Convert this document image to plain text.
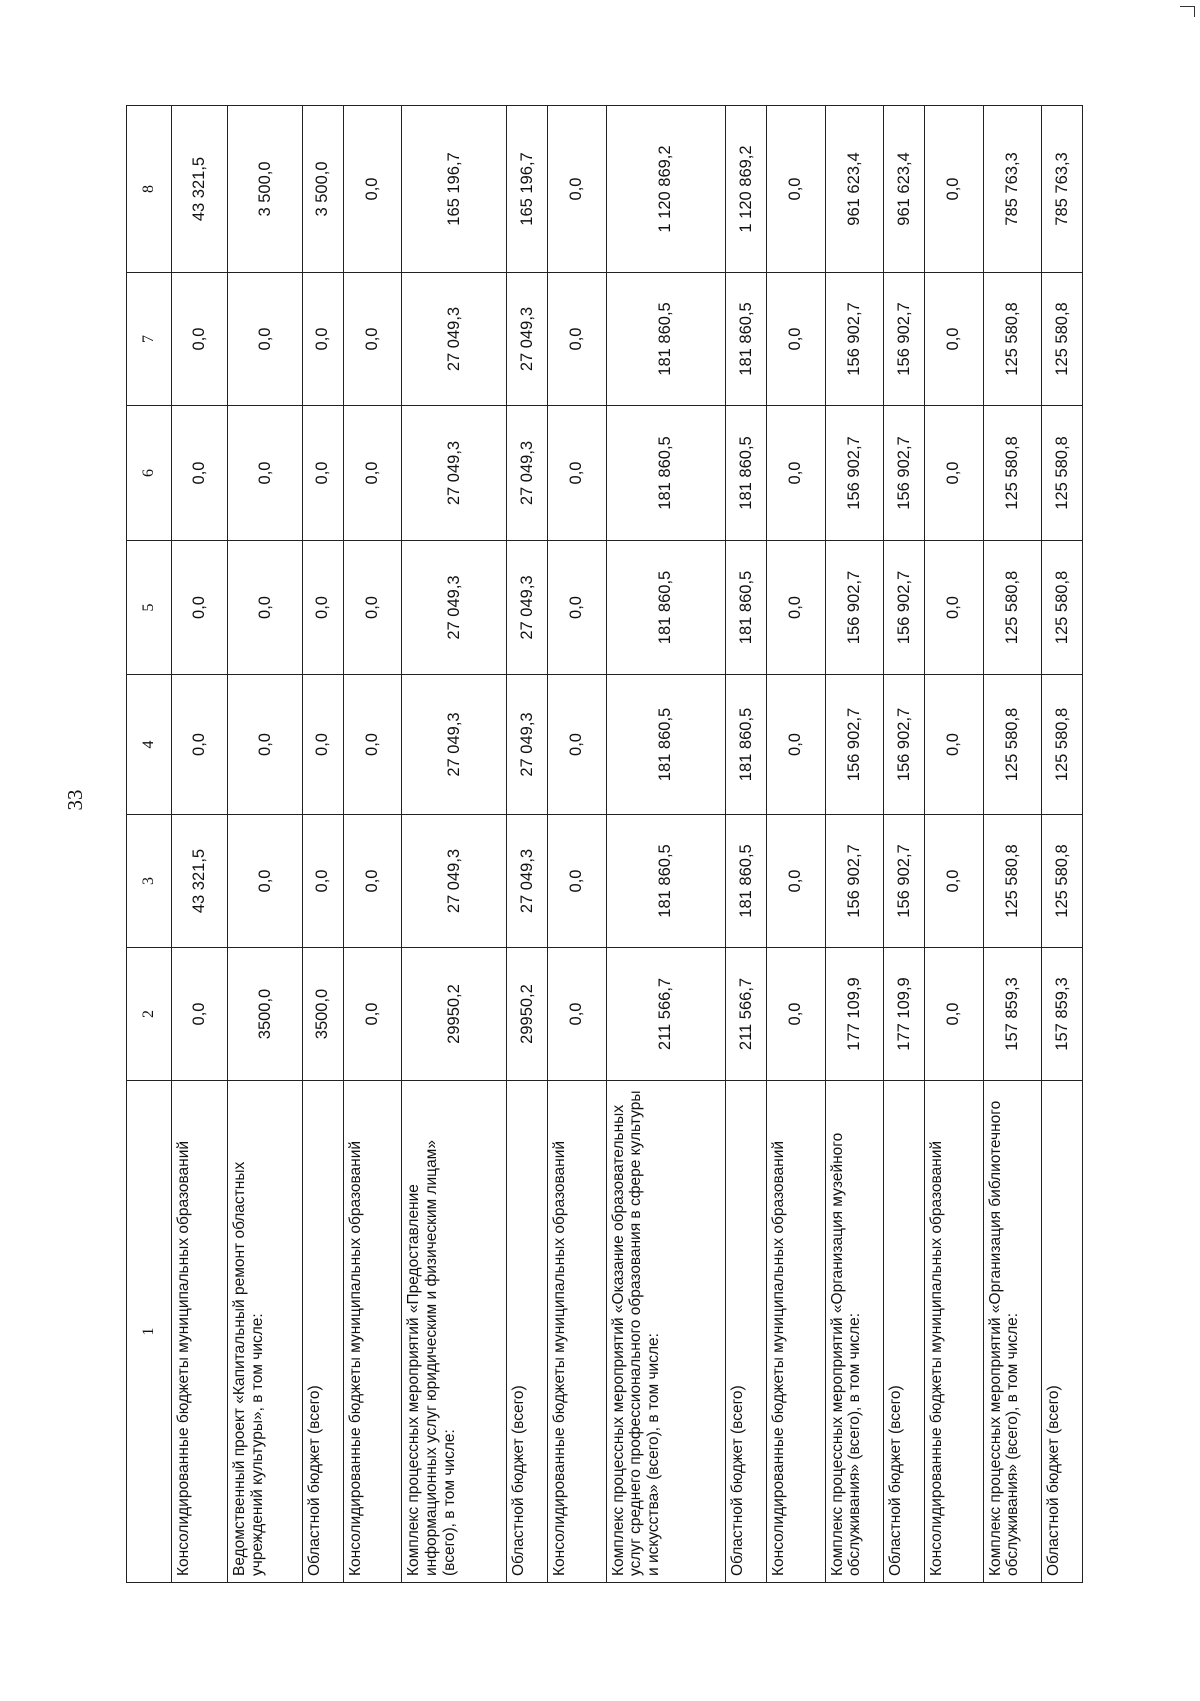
33
1	2	3	4	5	6	7	8
Консолидированные бюджеты муниципальных образований	0,0	43 321,5	0,0	0,0	0,0	0,0	43 321,5
Ведомственный проект «Капитальный ремонт областных учреждений культуры», в том числе:	3500,0	0,0	0,0	0,0	0,0	0,0	3 500,0
Областной бюджет (всего)	3500,0	0,0	0,0	0,0	0,0	0,0	3 500,0
Консолидированные бюджеты муниципальных образований	0,0	0,0	0,0	0,0	0,0	0,0	0,0
Комплекс процессных мероприятий «Предоставление информационных услуг юридическим и физическим лицам» (всего), в том числе:	29950,2	27 049,3	27 049,3	27 049,3	27 049,3	27 049,3	165 196,7
Областной бюджет (всего)	29950,2	27 049,3	27 049,3	27 049,3	27 049,3	27 049,3	165 196,7
Консолидированные бюджеты муниципальных образований	0,0	0,0	0,0	0,0	0,0	0,0	0,0
Комплекс процессных мероприятий «Оказание образовательных услуг среднего профессионального образования в сфере культуры и искусства» (всего), в том числе:	211 566,7	181 860,5	181 860,5	181 860,5	181 860,5	181 860,5	1 120 869,2
Областной бюджет (всего)	211 566,7	181 860,5	181 860,5	181 860,5	181 860,5	181 860,5	1 120 869,2
Консолидированные бюджеты муниципальных образований	0,0	0,0	0,0	0,0	0,0	0,0	0,0
Комплекс процессных мероприятий «Организация музейного обслуживания» (всего), в том числе:	177 109,9	156 902,7	156 902,7	156 902,7	156 902,7	156 902,7	961 623,4
Областной бюджет (всего)	177 109,9	156 902,7	156 902,7	156 902,7	156 902,7	156 902,7	961 623,4
Консолидированные бюджеты муниципальных образований	0,0	0,0	0,0	0,0	0,0	0,0	0,0
Комплекс процессных мероприятий «Организация библиотечного обслуживания» (всего), в том числе:	157 859,3	125 580,8	125 580,8	125 580,8	125 580,8	125 580,8	785 763,3
Областной бюджет (всего)	157 859,3	125 580,8	125 580,8	125 580,8	125 580,8	125 580,8	785 763,3
